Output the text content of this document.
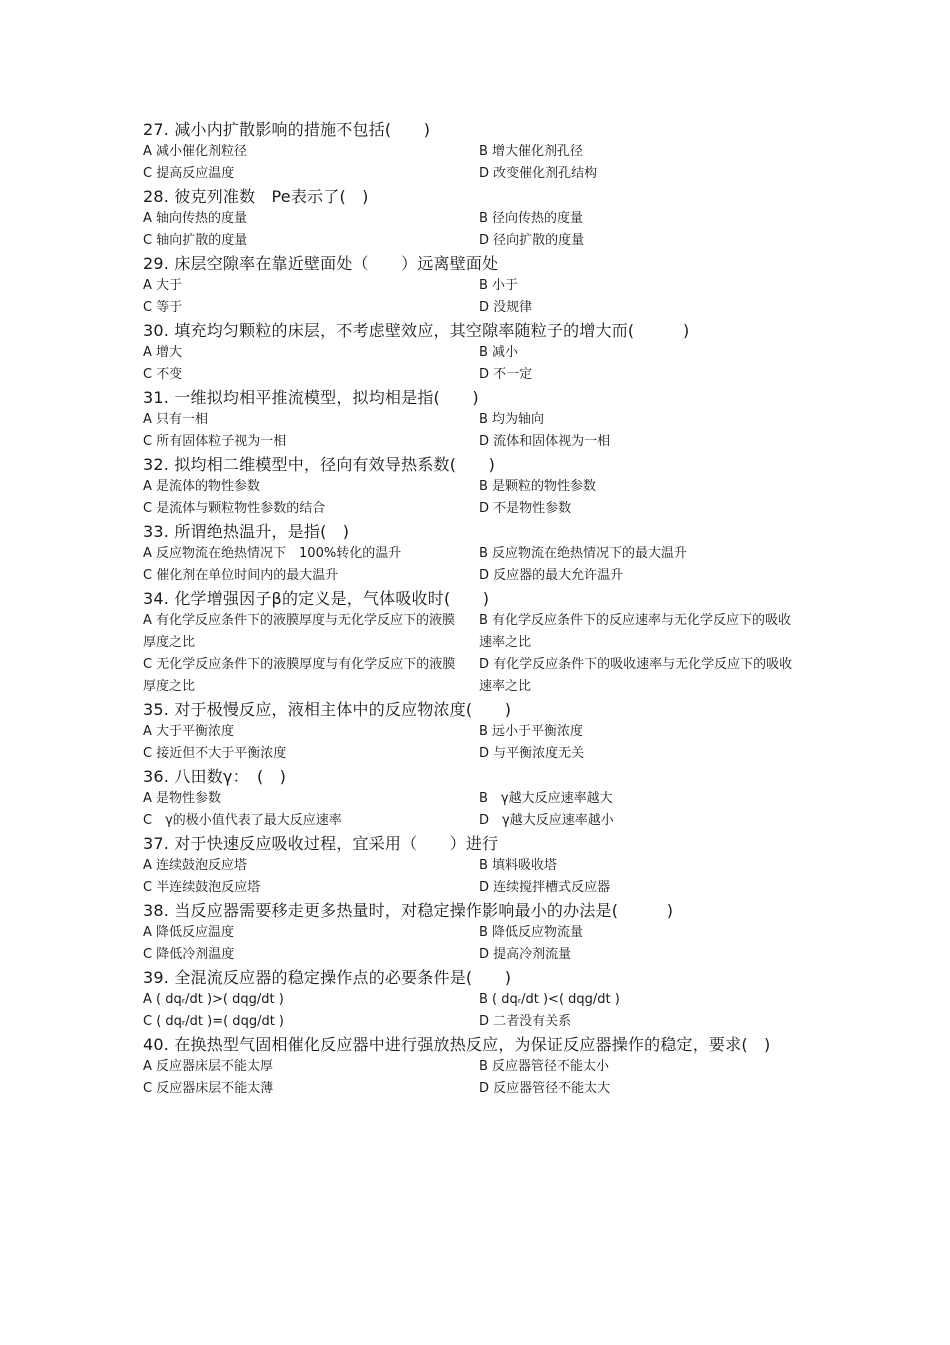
27. 减小内扩散影响的措施不包括(　　)
A 减小催化剂粒径	B 增大催化剂孔径
C 提高反应温度	D 改变催化剂孔结构
28. 彼克列准数　Pe表示了(　)
A 轴向传热的度量	B 径向传热的度量
C 轴向扩散的度量	D 径向扩散的度量
29. 床层空隙率在靠近壁面处（　　）远离壁面处
A 大于	B 小于
C 等于	D 没规律
30. 填充均匀颗粒的床层，不考虑壁效应，其空隙率随粒子的增大而(　　　)
A 增大	B 减小
C 不变	D 不一定
31. 一维拟均相平推流模型，拟均相是指(　　)
A 只有一相	B 均为轴向
C 所有固体粒子视为一相	D 流体和固体视为一相
32. 拟均相二维模型中，径向有效导热系数(　　)
A 是流体的物性参数	B 是颗粒的物性参数
C 是流体与颗粒物性参数的结合	D 不是物性参数
33. 所谓绝热温升，是指(　)
A 反应物流在绝热情况下　100%转化的温升	B 反应物流在绝热情况下的最大温升
C 催化剂在单位时间内的最大温升	D 反应器的最大允许温升
34. 化学增强因子β的定义是，气体吸收时(　　)
A 有化学反应条件下的液膜厚度与无化学反应下的液膜厚度之比
B 有化学反应条件下的反应速率与无化学反应下的吸收速率之比
C 无化学反应条件下的液膜厚度与有化学反应下的液膜厚度之比
D 有化学反应条件下的吸收速率与无化学反应下的吸收速率之比
35. 对于极慢反应，液相主体中的反应物浓度(　　)
A 大于平衡浓度	B 远小于平衡浓度
C 接近但不大于平衡浓度	D 与平衡浓度无关
36. 八田数γ：　(　)
A 是物性参数	B　γ越大反应速率越大
C　γ的极小值代表了最大反应速率	D　γ越大反应速率越小
37. 对于快速反应吸收过程，宜采用（　　）进行
A 连续鼓泡反应塔	B 填料吸收塔
C 半连续鼓泡反应塔	D 连续搅拌槽式反应器
38. 当反应器需要移走更多热量时，对稳定操作影响最小的办法是(　　　)
A 降低反应温度	B 降低反应物流量
C 降低冷剂温度	D 提高冷剂流量
39. 全混流反应器的稳定操作点的必要条件是(　　)
A ( dqᵣ/dt )>( dqg/dt )	B ( dqᵣ/dt )<( dqg/dt )
C ( dqᵣ/dt )=( dqg/dt )	D 二者没有关系
40. 在换热型气固相催化反应器中进行强放热反应，为保证反应器操作的稳定，要求(　)
A 反应器床层不能太厚	B 反应器管径不能太小
C 反应器床层不能太薄	D 反应器管径不能太大
